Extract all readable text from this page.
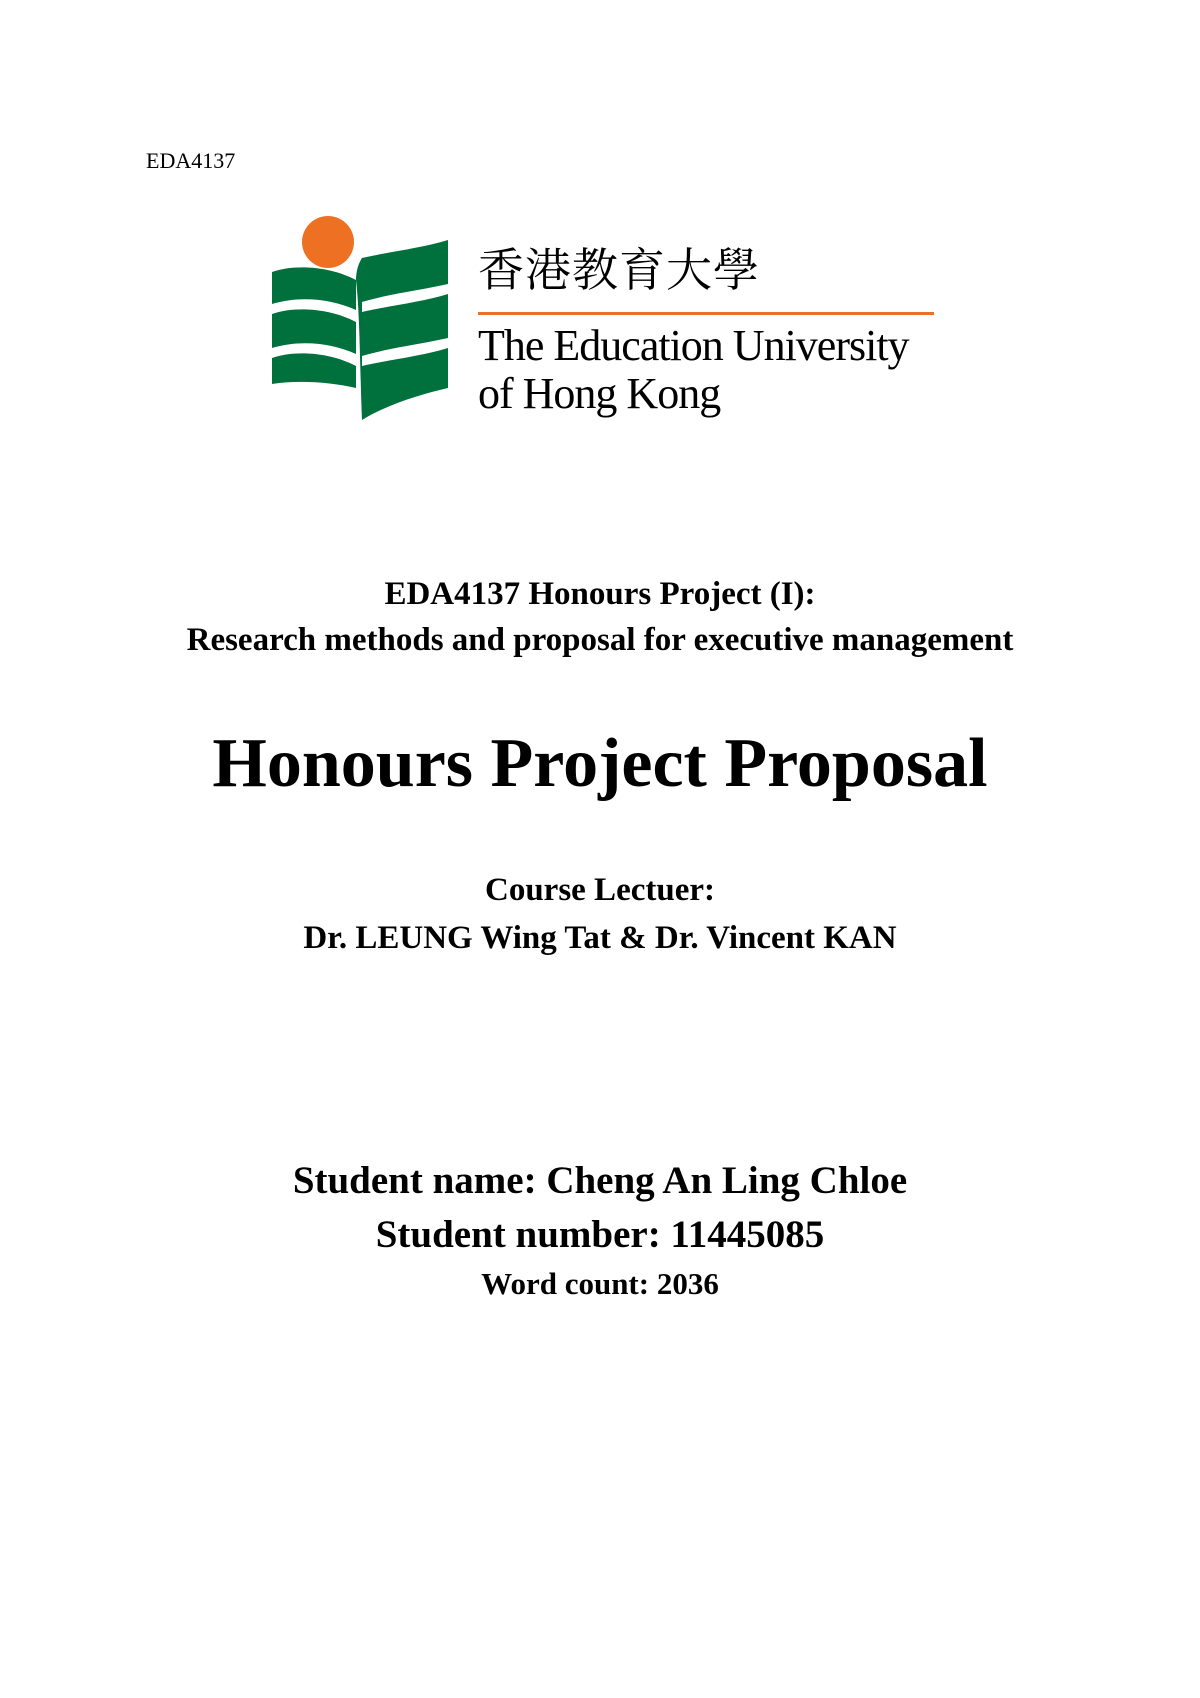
EDA4137
香港教育大學
The Education University
of Hong Kong
EDA4137 Honours Project (I):
Research methods and proposal for executive management
Honours Project Proposal
Course Lectuer:
Dr. LEUNG Wing Tat & Dr. Vincent KAN
Student name: Cheng An Ling Chloe
Student number: 11445085
Word count: 2036
